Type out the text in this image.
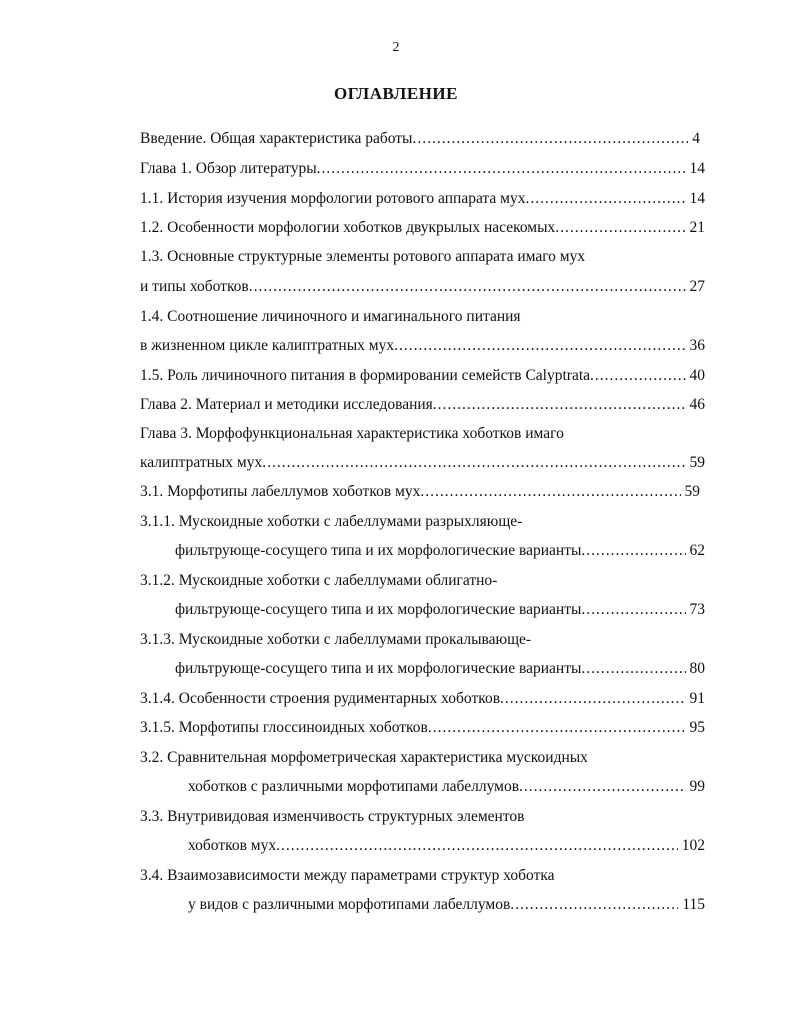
2
ОГЛАВЛЕНИЕ
Введение. Общая характеристика работы .....	4
Глава 1. Обзор литературы .....	14
1.1. История изучения морфологии ротового аппарата мух .....	14
1.2. Особенности морфологии хоботков двукрылых насекомых .....	21
1.3. Основные структурные элементы ротового аппарата имаго мух
и типы хоботков .....	27
1.4. Соотношение личиночного и имагинального питания
в жизненном цикле калиптратных мух .....	36
1.5. Роль личиночного питания в формировании семейств Calyptrata .....	40
Глава 2. Материал и методики исследования .....	46
Глава 3. Морфофункциональная характеристика хоботков имаго
калиптратных мух .....	59
3.1. Морфотипы лабеллумов хоботков мух .....	59
3.1.1. Мускоидные хоботки с лабеллумами разрыхляюще-
фильтрующе-сосущего типа и их морфологические варианты .....	62
3.1.2. Мускоидные хоботки с лабеллумами облигатно-
фильтрующе-сосущего типа и их морфологические варианты .....	73
3.1.3. Мускоидные хоботки с лабеллумами прокалывающе-
фильтрующе-сосущего типа и их морфологические варианты .....	80
3.1.4. Особенности строения рудиментарных хоботков .....	91
3.1.5. Морфотипы глоссиноидных хоботков .....	95
3.2. Сравнительная морфометрическая характеристика мускоидных
хоботков с различными морфотипами лабеллумов .....	99
3.3. Внутривидовая изменчивость структурных элементов
хоботков мух .....	102
3.4. Взаимозависимости между параметрами структур хоботка
у видов с различными морфотипами лабеллумов .....	115
